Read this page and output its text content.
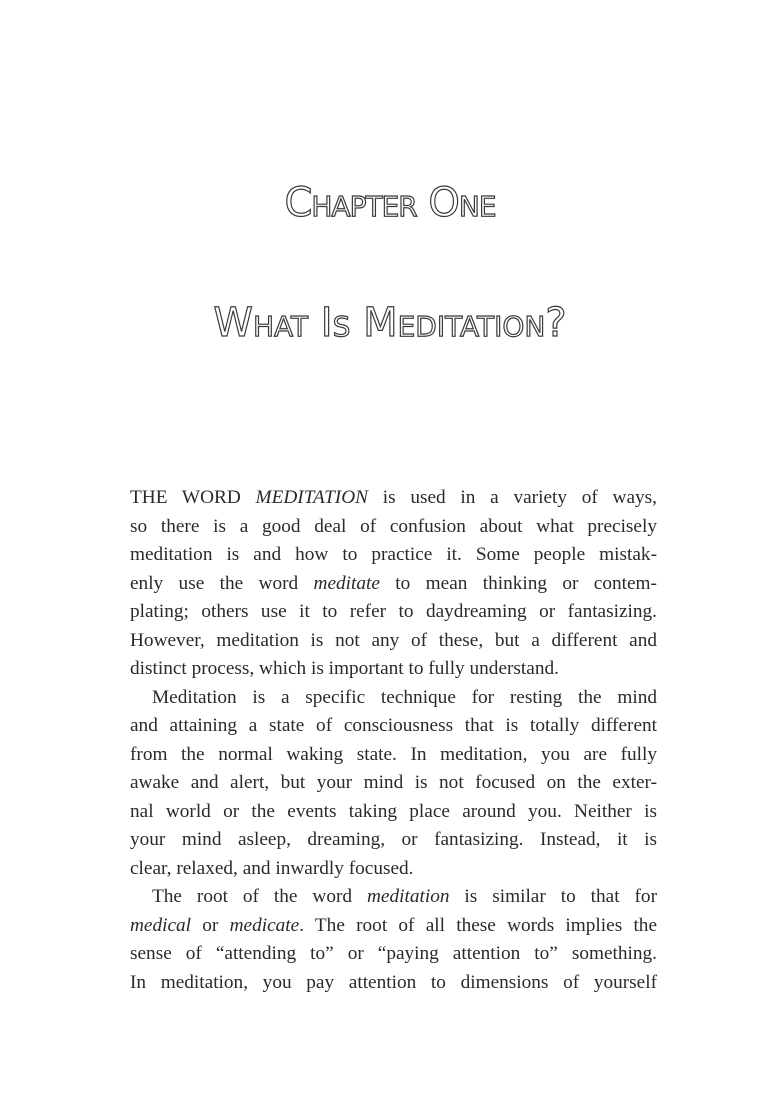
Chapter One
What Is Meditation?
THE WORD MEDITATION is used in a variety of ways,
so there is a good deal of confusion about what precisely
meditation is and how to practice it. Some people mistak-
enly use the word meditate to mean thinking or contem-
plating; others use it to refer to daydreaming or fantasizing.
However, meditation is not any of these, but a different and
distinct process, which is important to fully understand.
Meditation is a specific technique for resting the mind
and attaining a state of consciousness that is totally different
from the normal waking state. In meditation, you are fully
awake and alert, but your mind is not focused on the exter-
nal world or the events taking place around you. Neither is
your mind asleep, dreaming, or fantasizing. Instead, it is
clear, relaxed, and inwardly focused.
The root of the word meditation is similar to that for
medical or medicate. The root of all these words implies the
sense of “attending to” or “paying attention to” something.
In meditation, you pay attention to dimensions of yourself
